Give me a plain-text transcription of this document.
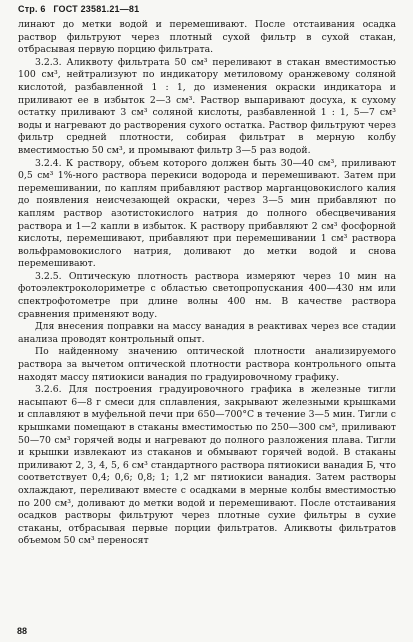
Стр. 6 ГОСТ 23581.21—81

линают до метки водой и перемешивают. После отстаивания осадка раствор фильтруют через плотный сухой фильтр в сухой стакан, отбрасывая первую порцию фильтрата.

3.2.3. Аликвоту фильтрата 50 см³ переливают в стакан вместимостью 100 см³, нейтрализуют по индикатору метиловому оранжевому соляной кислотой, разбавленной 1 : 1, до изменения окраски индикатора и приливают ее в избыток 2—3 см³. Раствор выпаривают досуха, к сухому остатку приливают 3 см³ соляной кислоты, разбавленной 1 : 1, 5—7 см³ воды и нагревают до растворения сухого остатка. Раствор фильтруют через фильтр средней плотности, собирая фильтрат в мерную колбу вместимостью 50 см³, и промывают фильтр 3—5 раз водой.

3.2.4. К раствору, объем которого должен быть 30—40 см³, приливают 0,5 см³ 1%-ного раствора перекиси водорода и перемешивают. Затем при перемешивании, по каплям прибавляют раствор марганцовокислого калия до появления неисчезающей окраски, через 3—5 мин прибавляют по каплям раствор азотистокислого натрия до полного обесцвечивания раствора и 1—2 капли в избыток. К раствору прибавляют 2 см³ фосфорной кислоты, перемешивают, прибавляют при перемешивании 1 см³ раствора вольфрамовокислого натрия, доливают до метки водой и снова перемешивают.

3.2.5. Оптическую плотность раствора измеряют через 10 мин на фотоэлектроколориметре с областью светопропускания 400—430 нм или спектрофотометре при длине волны 400 нм. В качестве раствора сравнения применяют воду.

Для внесения поправки на массу ванадия в реактивах через все стадии анализа проводят контрольный опыт.

По найденному значению оптической плотности анализируемого раствора за вычетом оптической плотности раствора контрольного опыта находят массу пятиокиси ванадия по градуировочному графику.

3.2.6. Для построения градуировочного графика в железные тигли насыпают 6—8 г смеси для сплавления, закрывают железными крышками и сплавляют в муфельной печи при 650—700°С в течение 3—5 мин. Тигли с крышками помещают в стаканы вместимостью по 250—300 см³, приливают 50—70 см³ горячей воды и нагревают до полного разложения плава. Тигли и крышки извлекают из стаканов и обмывают горячей водой. В стаканы приливают 2, 3, 4, 5, 6 см³ стандартного раствора пятиокиси ванадия Б, что соответствует 0,4; 0,6; 0,8; 1; 1,2 мг пятиокиси ванадия. Затем растворы охлаждают, переливают вместе с осадками в мерные колбы вместимостью по 200 см³, доливают до метки водой и перемешивают. После отстаивания осадков растворы фильтруют через плотные сухие фильтры в сухие стаканы, отбрасывая первые порции фильтратов. Аликвоты фильтратов объемом 50 см³ переносят

88
